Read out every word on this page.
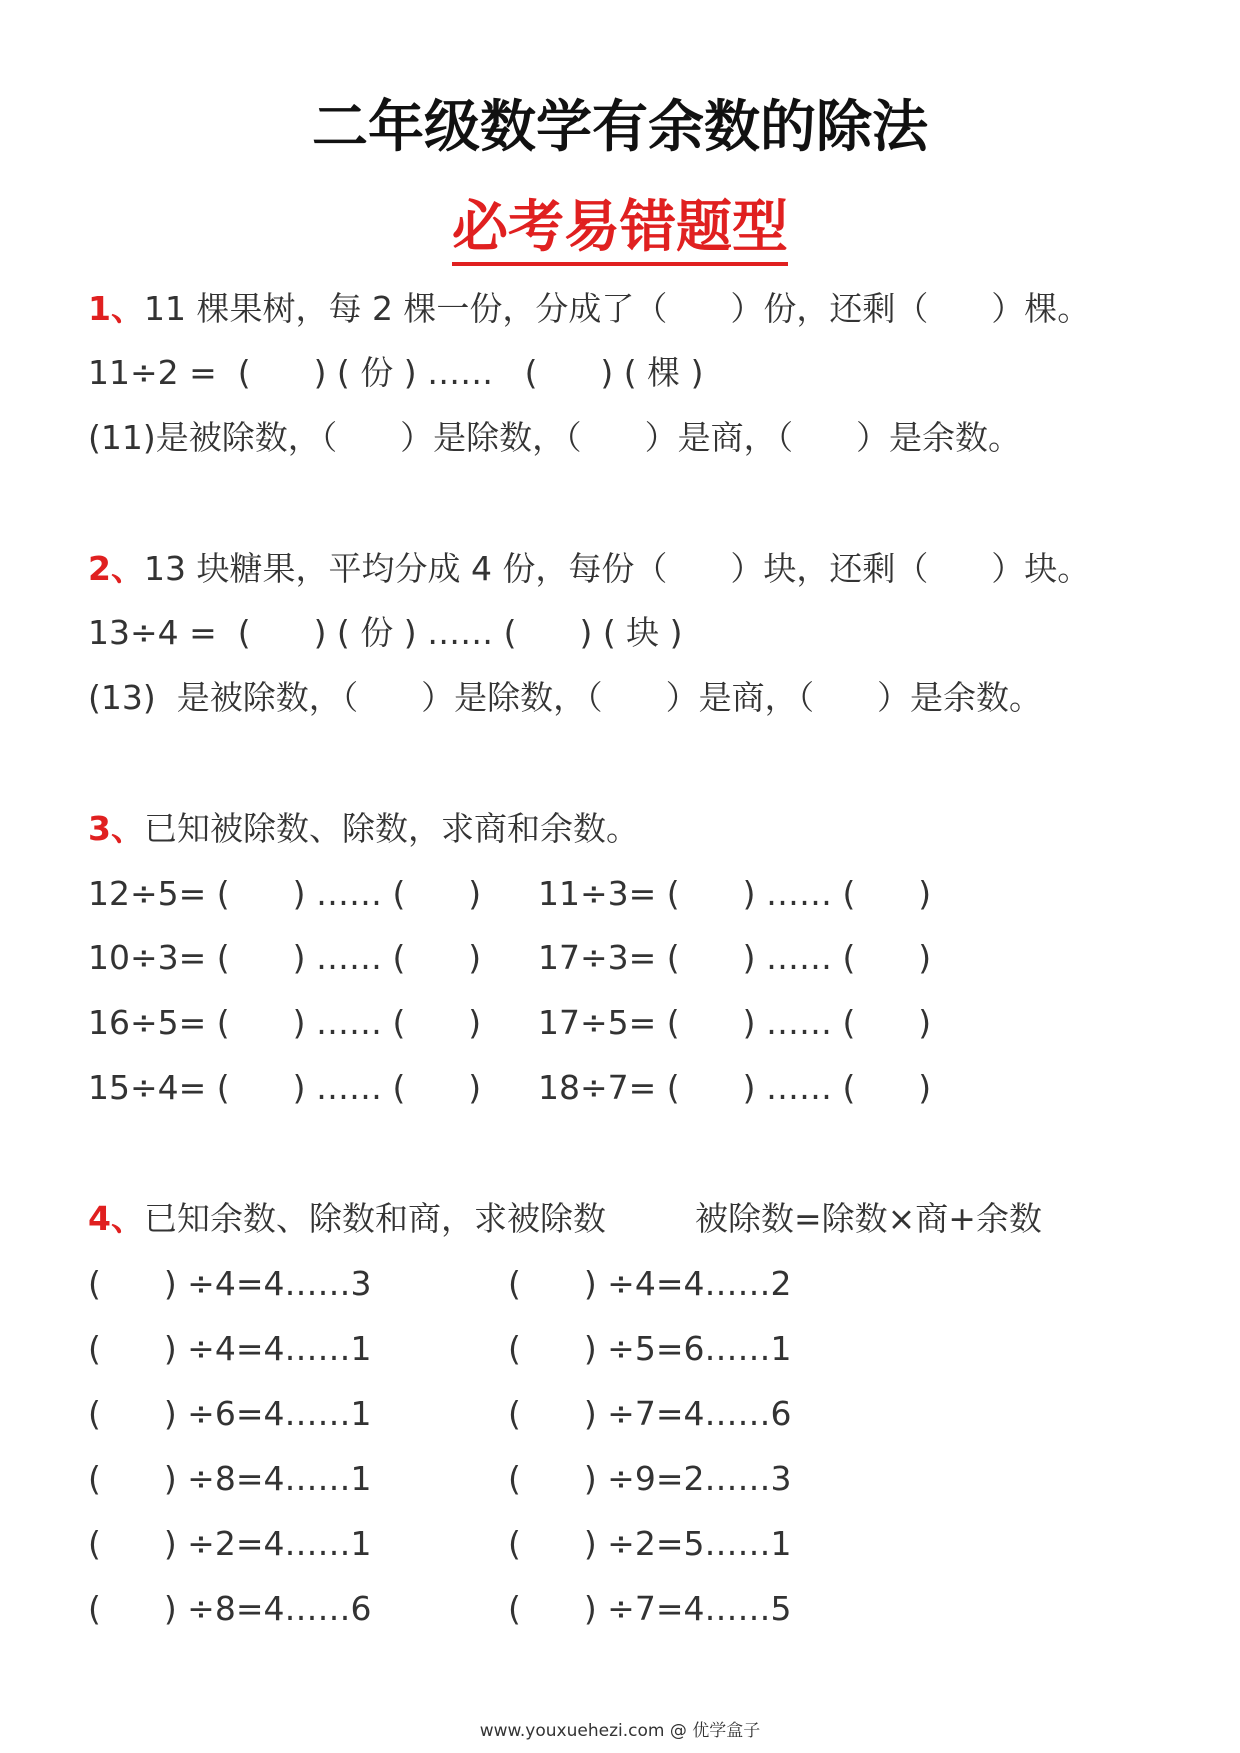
二年级数学有余数的除法
必考易错题型
1、11 棵果树，每 2 棵一份，分成了（      ）份，还剩（      ）棵。
11÷2 =  (      ) ( 份 ) ……   (      ) ( 棵 )
(11)是被除数，（      ）是除数，（      ）是商，（      ）是余数。
2、13 块糖果，平均分成 4 份，每份（      ）块，还剩（      ）块。
13÷4 =  (      ) ( 份 ) …… (      ) ( 块 )
(13)  是被除数，（      ）是除数，（      ）是商，（      ）是余数。
3、已知被除数、除数，求商和余数。
12÷5= (      ) …… (      )
10÷3= (      ) …… (      )
16÷5= (      ) …… (      )
15÷4= (      ) …… (      )
11÷3= (      ) …… (      )
17÷3= (      ) …… (      )
17÷5= (      ) …… (      )
18÷7= (      ) …… (      )
4、已知余数、除数和商，求被除数	被除数=除数×商+余数
(      ) ÷4=4……3
(      ) ÷4=4……1
(      ) ÷6=4……1
(      ) ÷8=4……1
(      ) ÷2=4……1
(      ) ÷8=4……6
(      ) ÷4=4……2
(      ) ÷5=6……1
(      ) ÷7=4……6
(      ) ÷9=2……3
(      ) ÷2=5……1
(      ) ÷7=4……5
www.youxuehezi.com @ 优学盒子
